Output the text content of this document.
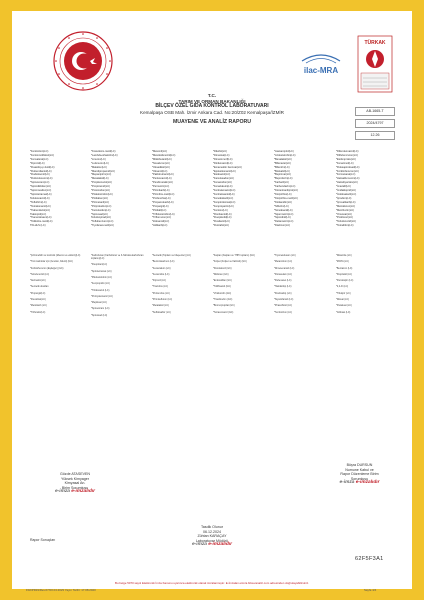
ilac-MRA
TÜRKAK
T.C.
TARIM VE ORMAN BAKANLIĞI
BİLÇEV ÖZEL GIDA KONTROL LABORATUVARI
Kemalpaşa OSB Mah. İzmir Ankara Cad. No:20/Z02 Kemalpaşa/İZMİR
MUAYENE VE ANALİZ RAPORU
AB-1665-T
2024/4797
12.26

*Fenitrotion(LC)

*Fentionsülfoksit(LC)

*Fenvalerat(LC)

*Fipronil(LC)

*Fluasifop-p-butil(LC)

*Flubendiamid(LC)

*Fludioksonil(LC)

*Flufenoksuron(LC)

*Spinetoram(LC)

*Spirodiklofen(LC)

*Spiromesifen(LC)

*Spirotetramat(LC)

Tebukonazol(LC)

*Tefluthrin(LC)

*Tetrakonazol(LC)

*Tiabendazol(LC)

Tiakloprid(LC)

*Tiametoksam(LC)

*Tolklofos-metil(LC)

TKLHLS (LC)

*Kresoksim-metil(LC)

*Lambda-sihalotrin(LC)

*Linuron(LC)

*Lufenuron(LC)

*Malation(LC)

*Mandipropamid(LC)

*Mepanipirim(LC)

*Metalaksil(LC)

*Propikonazol(LC)

*Propizamid(LC)

*Prosimidon(LC)

*Piraklostrobin(LC)

*Piridaben(LC)

*Pirimetanil(LC)

*Piriproksifen(LC)

*Kuinoksifen(LC)

*Spinosad(LC)

Tebufenpirad(LC)

*Teflubenzuron(LC)

*Tiyofanat-metil(LC)

*Metomil(LC)

*Metoksifenozid(LC)

*Miklobutanil(LC)

*Novaluron(LC)

*Oksadiksil(LC)

*Oksamil(LC)

*Paklobutrazol(LC)

*Penkonazol(LC)

*Pendimetalin(LC)

*Permetrin(LC)

*Pirimikarb(LC)

*Pirimifos-metil(LC)

*Profenofos(LC)

*Propamokarb(LC)

*Propargit(LC)

*Piridalil(LC)

*Trifloksistrobin(LC)

*Triflumuron(LC)

*Zoksamid(LC)

*Aldikarb(LC)

*Dikofol(LC)

*Dimetoat(LC)

*Dimetomorf(LC)

*Dinikonazol(LC)

*Emamektin benzoat(LC)

*Epoksikonazol(LC)

*Etoksazol(LC)

*Famoksadon(LC)

*Fenamidon(LC)

*Fenazakuin(LC)

*Fenbukonazol(LC)

*Fenheksamid(LC)

*Fenoksikarb(LC)

*Fenpiroksimat(LC)

*Fenpropatrin(LC)

*Fention(LC)

*Flonikamid(LC)

*Fluopikolid(LC)

*Flusilazol(LC)

*Flutriafol(LC)

*Asetamiprid(LC)

*Azoksistrobin(LC)

*Benalaksil(LC)

*Bifenazat(LC)

*Bifentrin(LC)

*Boskalid(LC)

*Bupirimat(LC)

*Buprofezin(LC)

*Karbaril(LC)

*Karbendazim(LC)

*Klorantraniliprol(LC)

*Klorpirifos(LC)

*Klorpirifos-metil(LC)

*Klotianidin(LC)

*Siflutrin(LC)

*Simoksanil(LC)

*Sipermetrin(LC)

*Siprodinil(LC)

*Deltametrin(LC)

*Diazinon(LC)

*Difenokonazol(LC)

*Diflubenzuron(LC)

*Etofenproks(LC)

*Fenarimol(LC)

*Fluksapiroksad(LC)

*Forklorfenuron(LC)

*Formetanat(LC)

*Heksaflumuron(LC)

*Heksitiyazoks(LC)

*İmazalil(LC)

*İmidakloprid(LC)

*İndoksakarb(LC)

*İprodion(LC)

*İprovalikarb(LC)

*Metrafenon(LC)

*Metribuzin(LC)

*Ometoat(LC)

*Proklorаz(LC)

*Tebufenozid(LC)

*Tetradifon(LC)

*Çözünebilir su kontrolü (Mevcut ve etkisiz)(LC)

*Tüm kalıntılar için (fenoksi, bifenil) (GC)

*Forklorfenuron (Eşdeğer) (GC)

*Tebufenozid (LC)

*Akrinatrin(LC)

*Sentetik oksidan

*Propargit(LC)

*Fluvalinat(LC)

*Metiokarb (LC)

*Trifluralin(LC)

*Karbofuran (Karbofuran ve 3-hidroksi-karbofuran toplamı)(LC)

*Fluopiram(LC)

*Spirotetramat (LC)

*Pikoksistrobin (LC)

*Fenpropidin (LC)

*Tritikonazol (LC)

*Protiyokonazol (LC)

*Mepikuat (LC)

*Spinetoram (LC)

*Spinosad (LC)

*Sentetik (Toplam ve bileşenler) (LC)

*Benzoksazinon (LC)

*Fenazakuin (LC)

*Fenamifos (LC)

*Fipronil (LC)

*Triazofos (LC)

*Profenofos (LC)

*Primisulfuron (LC)

*Metalaksil (LC)

*Sulfoksaflor (LC)

*Kaptan (Kaptan ve THPI toplamı) (GC)

*Folpet (Folpet ve ftalimid) (GC)

*Klorotalonil (GC)

*Dikloran (GC)

*Endosülfan (GC)

*Tolilfluanid (GC)

*Vinklozolin (GC)

*Triadimefon (GC)

*Bromopropilat (GC)

*Tetraconazol (GC)

*Tiyometoksam (LC)

*Metamitron (LC)

*Dimetenamid (LC)

*Florasulam (LC)

*Flufenacet (LC)

*Haloksifop (LC)

*Klodinafop (LC)

*Siyazofamid (LC)

*Pirasulfotol (LC)

*Tembotrion (LC)

*Dikamba (LC)

*MCPA (LC)

*Bentazon (LC)

*Klopiralid (LC)

*Fluroksipir (LC)

*2,4-D (LC)

*Triklopir (LC)

*Dikuat (LC)

*Parakuat (LC)

*Glifosat (LC)

Gözde ATASEVEN
Yüksek Kimyager
Kimyasal An.
Birim Sorumlusu
e-imza e-imzalıdır
Büşra DURSUN
Numune Kabul ve
Rapor Düzenleme Birim
Sorumlusu
e-imza e-imzalıdır
Tasdik Olunur
06.12.2024
Zühtan KARAÇAY
Laboratuvar Müdürü
e-imza e-imzalıdır
Rapor Sonuçları
62F5F3A1
Bu belge 5070 sayılı Elektronik İmza Kanunu uyarınca elektronik olarak imzalanmıştır. E-İmzalan eimza.bilcevanaliz.com adresinden doğrulayabilirsiniz.
F02/PR19/Rev.07/03.04.2023 Yayın Tarihi: 17.08.2020	Sayfa 4/4
